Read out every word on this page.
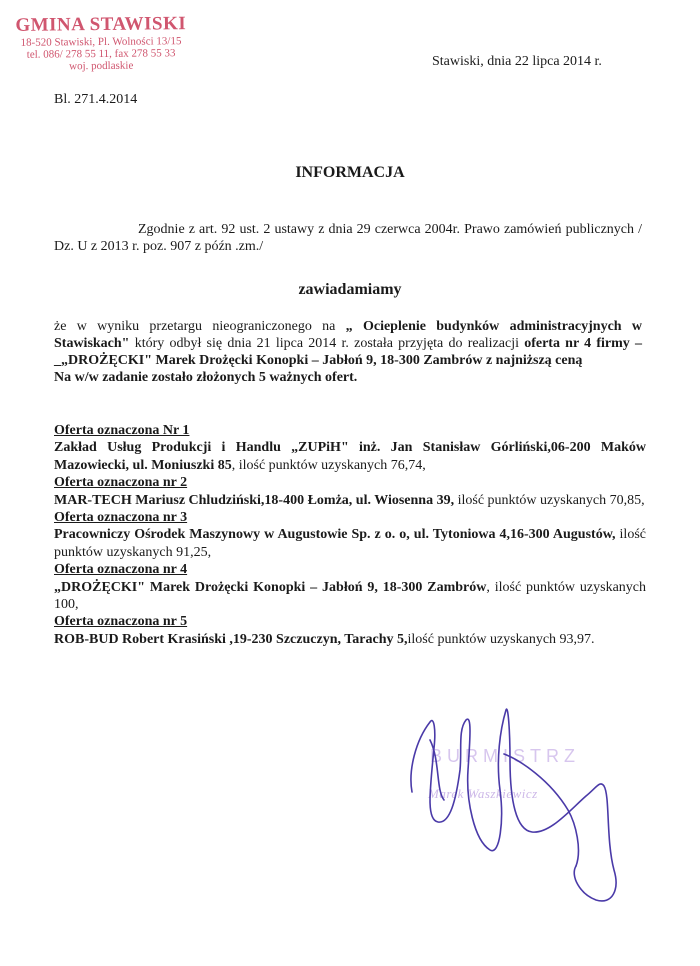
GMINA STAWISKI
18-520 Stawiski, Pl. Wolności 13/15
tel. 086/ 278 55 11, fax 278 55 33
woj. podlaskie	Stawiski, dnia 22 lipca 2014 r.
Bl. 271.4.2014
INFORMACJA
Zgodnie z art. 92 ust. 2 ustawy z dnia 29 czerwca 2004r. Prawo zamówień publicznych / Dz. U z 2013 r. poz. 907 z późn .zm./
zawiadamiamy
że w wyniku przetargu nieograniczonego na „ Ocieplenie budynków administracyjnych w Stawiskach" który odbył się dnia 21 lipca 2014 r. została przyjęta do realizacji oferta nr 4 firmy –_„DROŻĘCKI" Marek Drożęcki Konopki – Jabłoń 9, 18-300 Zambrów z najniższą ceną
Na w/w zadanie zostało złożonych 5 ważnych ofert.

Oferta oznaczona Nr 1

Zakład Usług Produkcji i Handlu „ZUPiH" inż. Jan Stanisław Górliński,06-200 Maków Mazowiecki, ul. Moniuszki 85, ilość punktów uzyskanych 76,74,

Oferta oznaczona nr 2

MAR-TECH Mariusz Chludziński,18-400 Łomża, ul. Wiosenna 39, ilość punktów uzyskanych 70,85,

Oferta oznaczona nr 3

Pracowniczy Ośrodek Maszynowy w Augustowie Sp. z o. o, ul. Tytoniowa 4,16-300 Augustów, ilość punktów uzyskanych 91,25,

Oferta oznaczona nr 4

„DROŻĘCKI" Marek Drożęcki Konopki – Jabłoń 9, 18-300 Zambrów, ilość punktów uzyskanych 100,

Oferta oznaczona nr 5

ROB-BUD Robert Krasiński ,19-230 Szczuczyn, Tarachy 5,ilość punktów uzyskanych 93,97.

BURMISTRZ
Marek Waszkiewicz
